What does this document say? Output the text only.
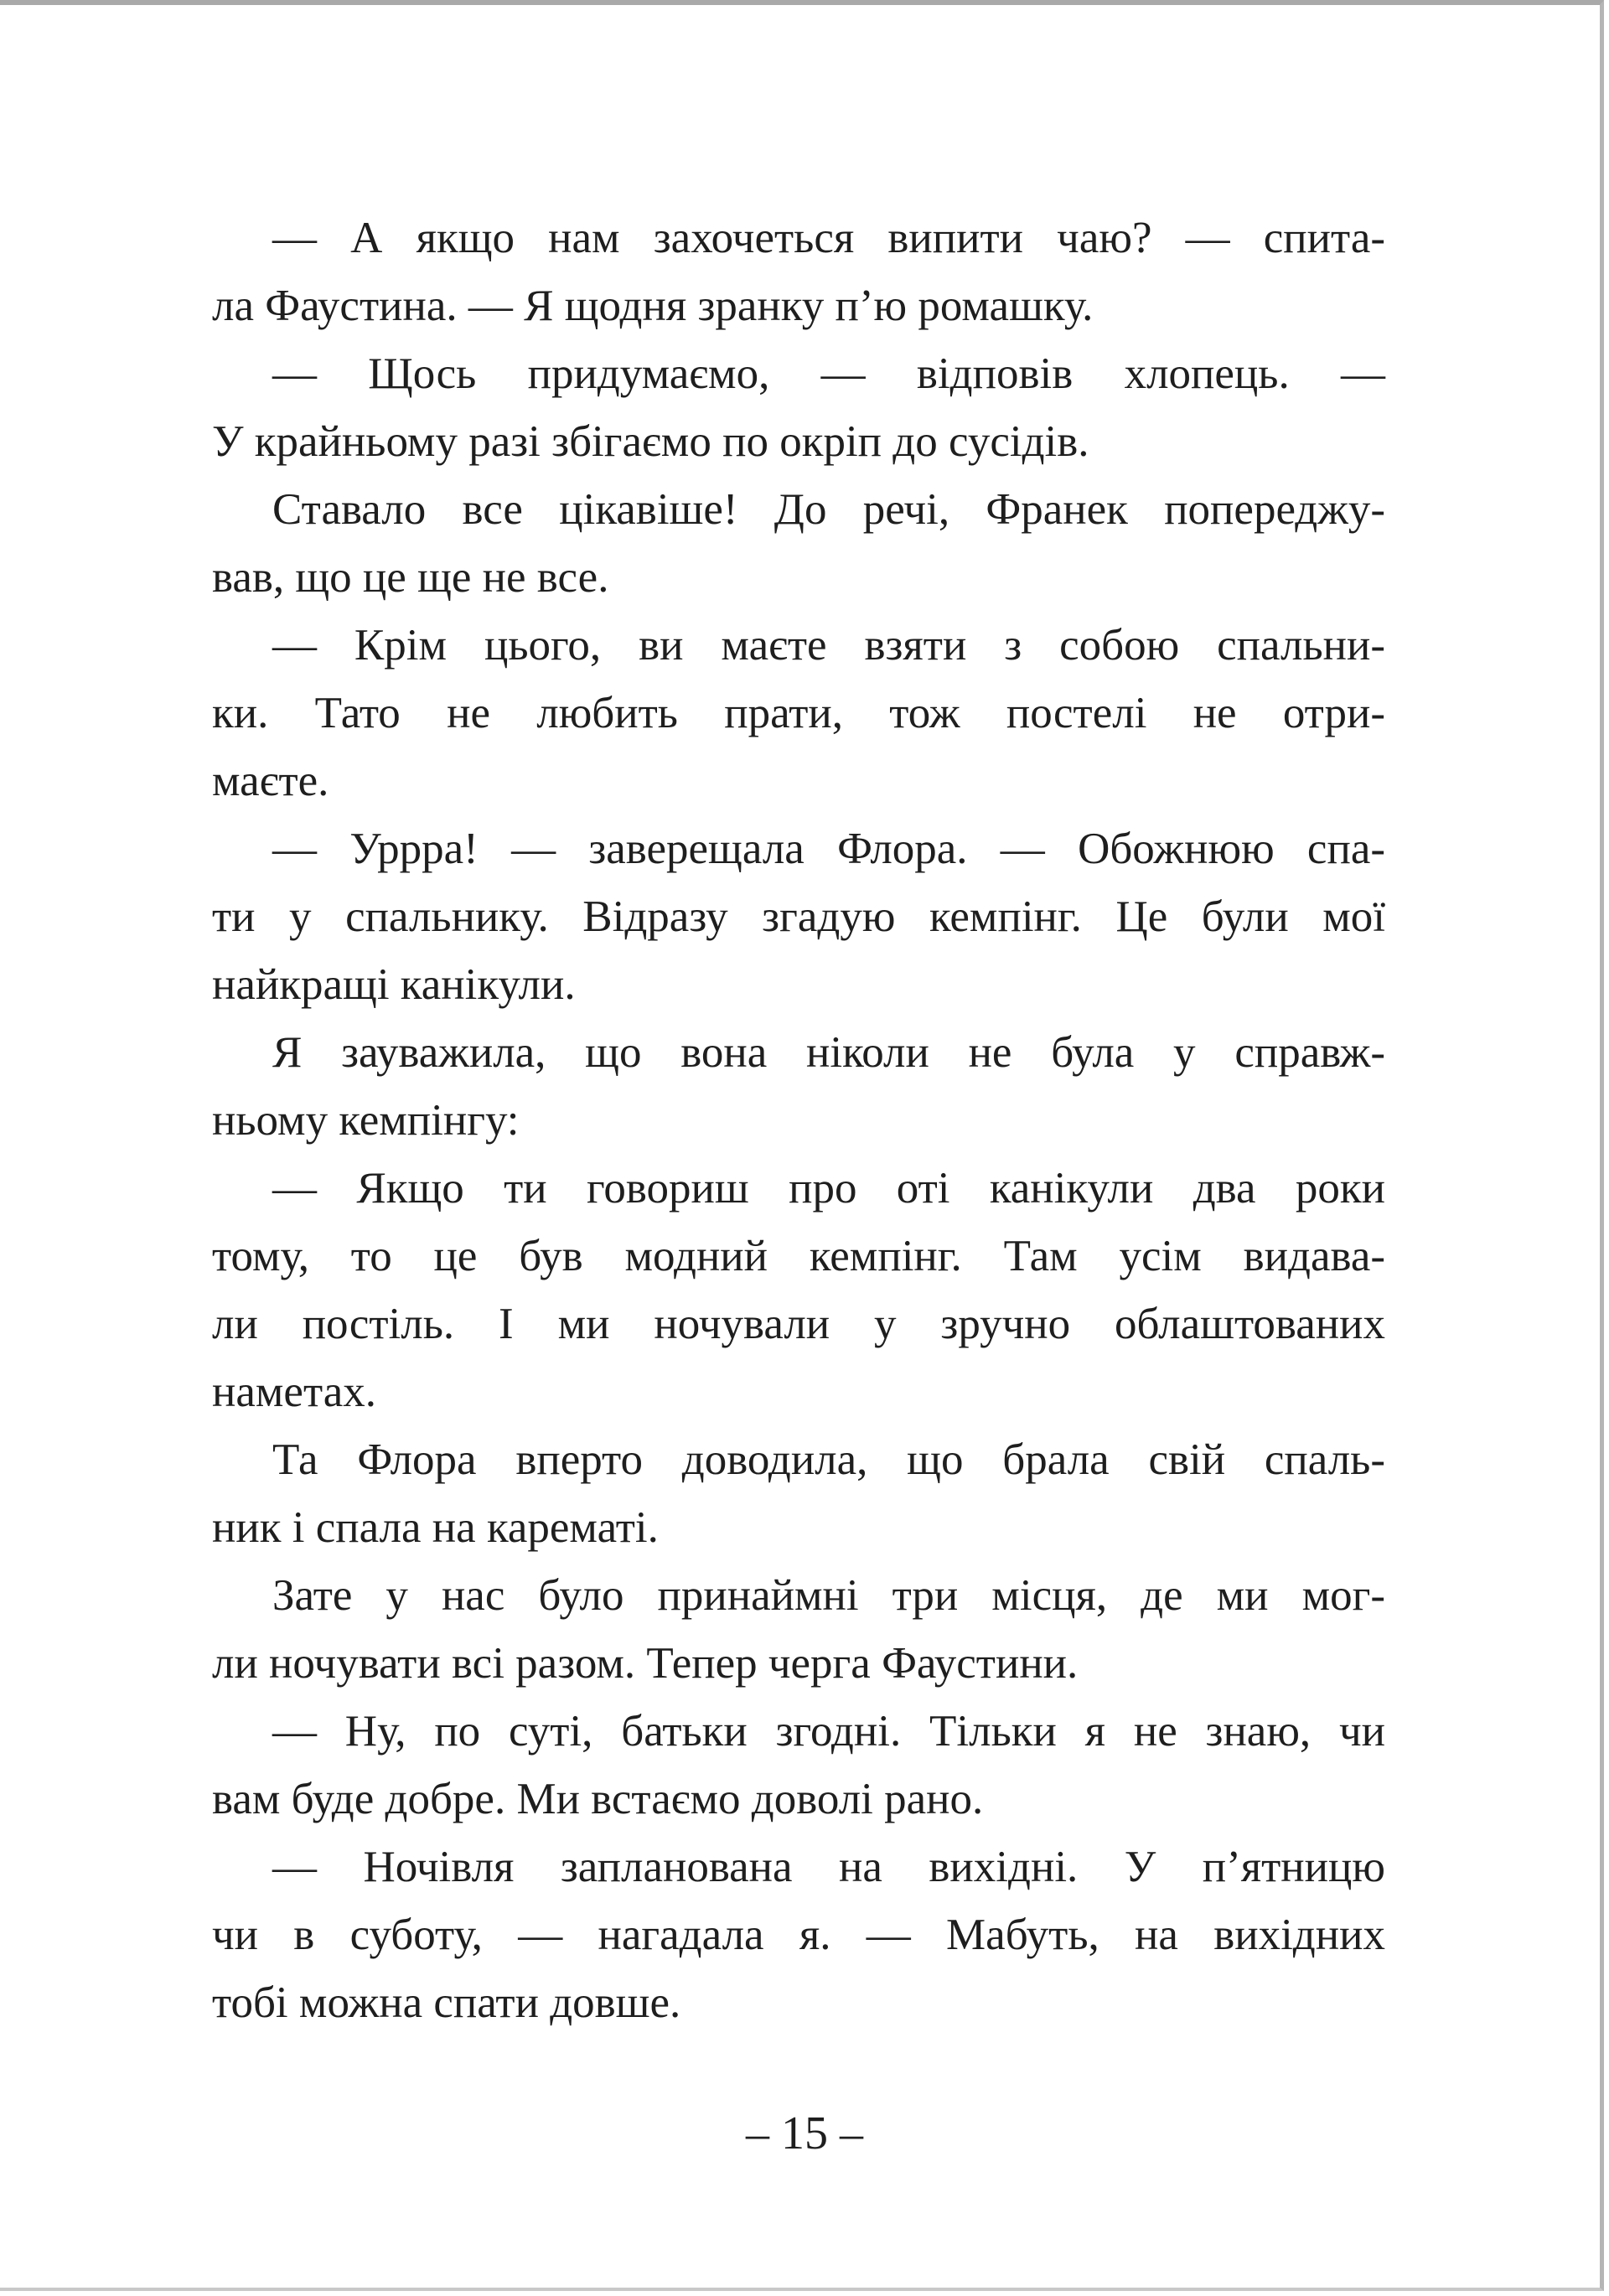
— А якщо нам захочеться випити чаю? — спита-
ла Фаустина. — Я щодня зранку п’ю ромашку.
— Щось придумаємо, — відповів хлопець. —
У крайньому разі збігаємо по окріп до сусідів.
Ставало все цікавіше! До речі, Франек попереджу-
вав, що це ще не все.
— Крім цього, ви маєте взяти з собою спальни-
ки. Тато не любить прати, тож постелі не отри-
маєте.
— Уррра! — заверещала Флора. — Обожнюю спа-
ти у спальнику. Відразу згадую кемпінг. Це були мої
найкращі канікули.
Я зауважила, що вона ніколи не була у справж-
ньому кемпінгу:
— Якщо ти говориш про оті канікули два роки
тому, то це був модний кемпінг. Там усім видава-
ли постіль. І ми ночували у зручно облаштованих
наметах.
Та Флора вперто доводила, що брала свій спаль-
ник і спала на карематі.
Зате у нас було принаймні три місця, де ми мог-
ли ночувати всі разом. Тепер черга Фаустини.
— Ну, по суті, батьки згодні. Тільки я не знаю, чи
вам буде добре. Ми встаємо доволі рано.
— Ночівля запланована на вихідні. У п’ятницю
чи в суботу, — нагадала я. — Мабуть, на вихідних
тобі можна спати довше.
– 15 –
